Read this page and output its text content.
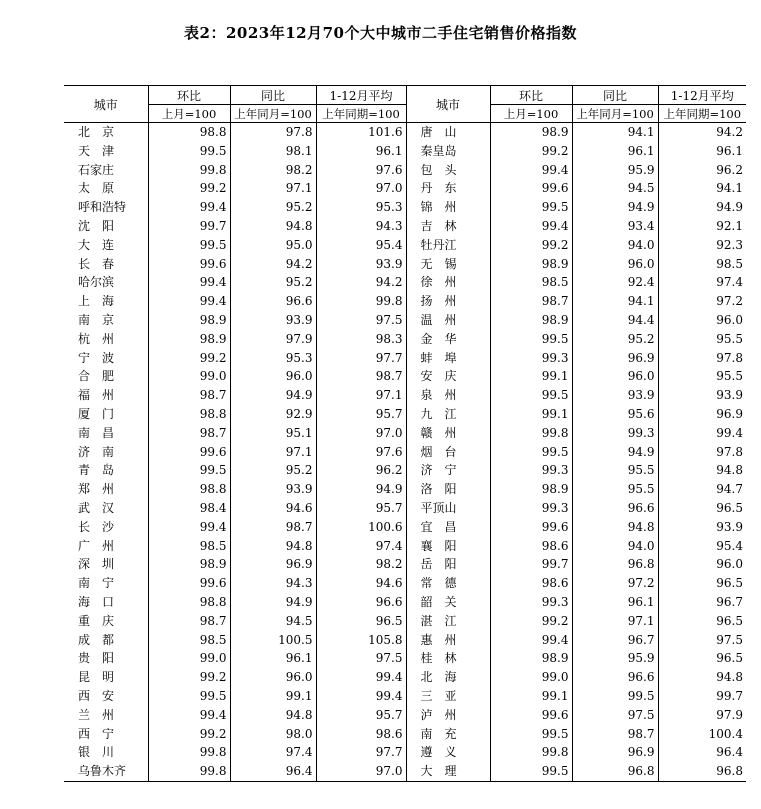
表2：2023年12月70个大中城市二手住宅销售价格指数
城市	环比	同比	1-12月平均	城市	环比	同比	1-12月平均
	上月=100	上年同月=100	上年同期=100		上月=100	上年同月=100	上年同期=100
北　京	98.8	97.8	101.6	唐　山	98.9	94.1	94.2
天　津	99.5	98.1	96.1	秦皇岛	99.2	96.1	96.1
石家庄	99.8	98.2	97.6	包　头	99.4	95.9	96.2
太　原	99.2	97.1	97.0	丹　东	99.6	94.5	94.1
呼和浩特	99.4	95.2	95.3	锦　州	99.5	94.9	94.9
沈　阳	99.7	94.8	94.3	吉　林	99.4	93.4	92.1
大　连	99.5	95.0	95.4	牡丹江	99.2	94.0	92.3
长　春	99.6	94.2	93.9	无　锡	98.9	96.0	98.5
哈尔滨	99.4	95.2	94.2	徐　州	98.5	92.4	97.4
上　海	99.4	96.6	99.8	扬　州	98.7	94.1	97.2
南　京	98.9	93.9	97.5	温　州	98.9	94.4	96.0
杭　州	98.9	97.9	98.3	金　华	99.5	95.2	95.5
宁　波	99.2	95.3	97.7	蚌　埠	99.3	96.9	97.8
合　肥	99.0	96.0	98.7	安　庆	99.1	96.0	95.5
福　州	98.7	94.9	97.1	泉　州	99.5	93.9	93.9
厦　门	98.8	92.9	95.7	九　江	99.1	95.6	96.9
南　昌	98.7	95.1	97.0	赣　州	99.8	99.3	99.4
济　南	99.6	97.1	97.6	烟　台	99.5	94.9	97.8
青　岛	99.5	95.2	96.2	济　宁	99.3	95.5	94.8
郑　州	98.8	93.9	94.9	洛　阳	98.9	95.5	94.7
武　汉	98.4	94.6	95.7	平顶山	99.3	96.6	96.5
长　沙	99.4	98.7	100.6	宜　昌	99.6	94.8	93.9
广　州	98.5	94.8	97.4	襄　阳	98.6	94.0	95.4
深　圳	98.9	96.9	98.2	岳　阳	99.7	96.8	96.0
南　宁	99.6	94.3	94.6	常　德	98.6	97.2	96.5
海　口	98.8	94.9	96.6	韶　关	99.3	96.1	96.7
重　庆	98.7	94.5	96.5	湛　江	99.2	97.1	96.5
成　都	98.5	100.5	105.8	惠　州	99.4	96.7	97.5
贵　阳	99.0	96.1	97.5	桂　林	98.9	95.9	96.5
昆　明	99.2	96.0	99.4	北　海	99.0	96.6	94.8
西　安	99.5	99.1	99.4	三　亚	99.1	99.5	99.7
兰　州	99.4	94.8	95.7	泸　州	99.6	97.5	97.9
西　宁	99.2	98.0	98.6	南　充	99.5	98.7	100.4
银　川	99.8	97.4	97.7	遵　义	99.8	96.9	96.4
乌鲁木齐	99.8	96.4	97.0	大　理	99.5	96.8	96.8
